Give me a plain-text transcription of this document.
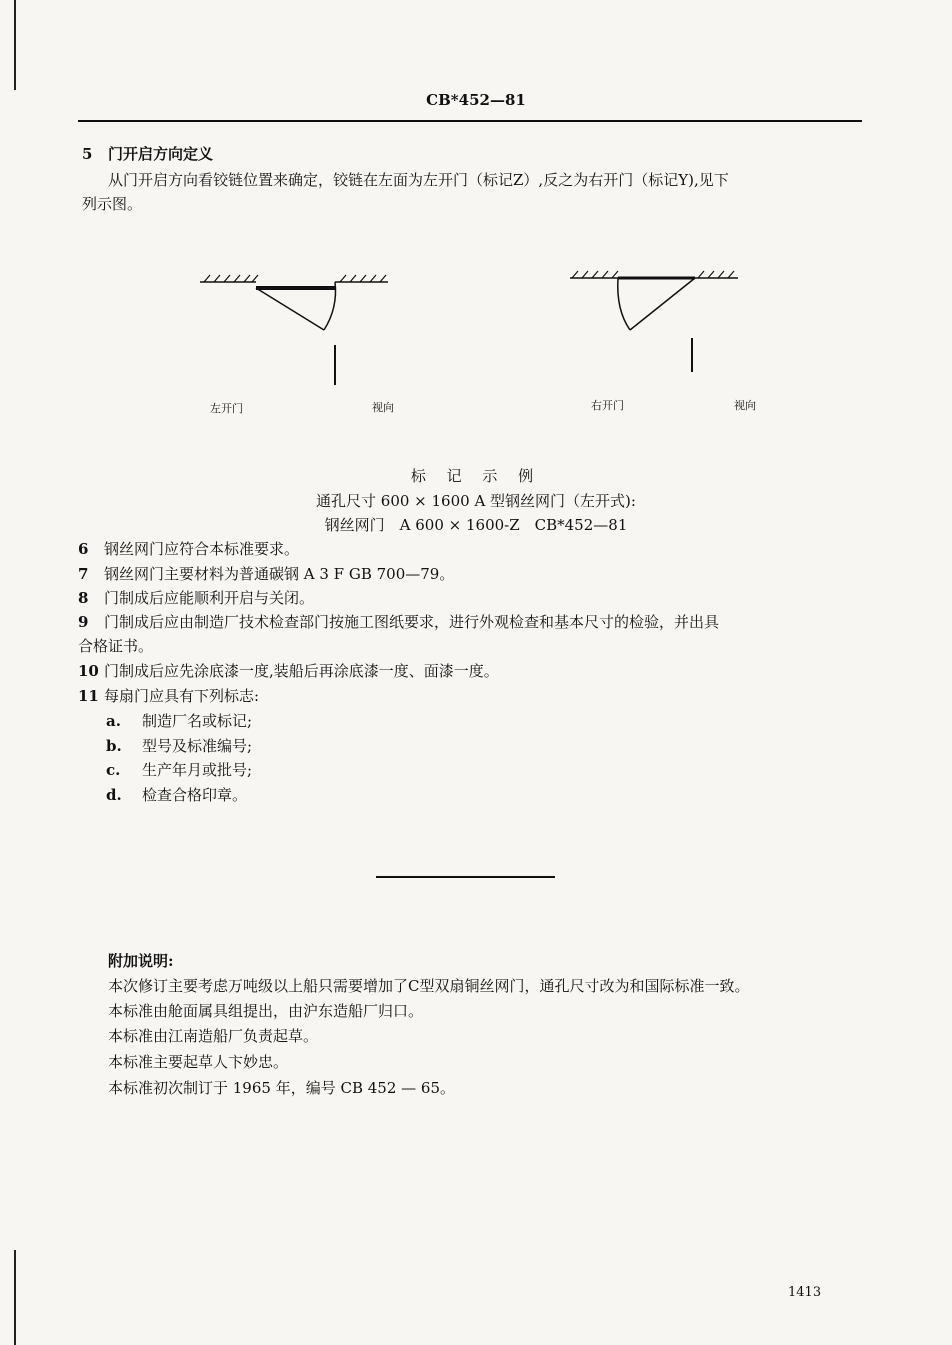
CB*452—81
5 门开启方向定义
从门开启方向看铰链位置来确定，铰链在左面为左开门（标记Z）,反之为右开门（标记Y),见下
列示图。
左开门	视向	右开门	视向
标 记 示 例
通孔尺寸 600 × 1600 A 型钢丝网门（左开式):
钢丝网门　A 600 × 1600-Z　CB*452—81
6 钢丝网门应符合本标准要求。
7 钢丝网门主要材料为普通碳钢 A 3 F GB 700—79。
8 门制成后应能顺利开启与关闭。
9 门制成后应由制造厂技术检查部门按施工图纸要求，进行外观检查和基本尺寸的检验，并出具
合格证书。
10 门制成后应先涂底漆一度,装船后再涂底漆一度、面漆一度。
11 每扇门应具有下列标志:
a. 制造厂名或标记;
b. 型号及标准编号;
c. 生产年月或批号;
d. 检查合格印章。
附加说明:
本次修订主要考虑万吨级以上船只需要增加了C型双扇铜丝网门，通孔尺寸改为和国际标准一致。
本标准由舱面属具组提出，由沪东造船厂归口。
本标准由江南造船厂负责起草。
本标准主要起草人卞妙忠。
本标准初次制订于 1965 年，编号 CB 452 — 65。
1413
